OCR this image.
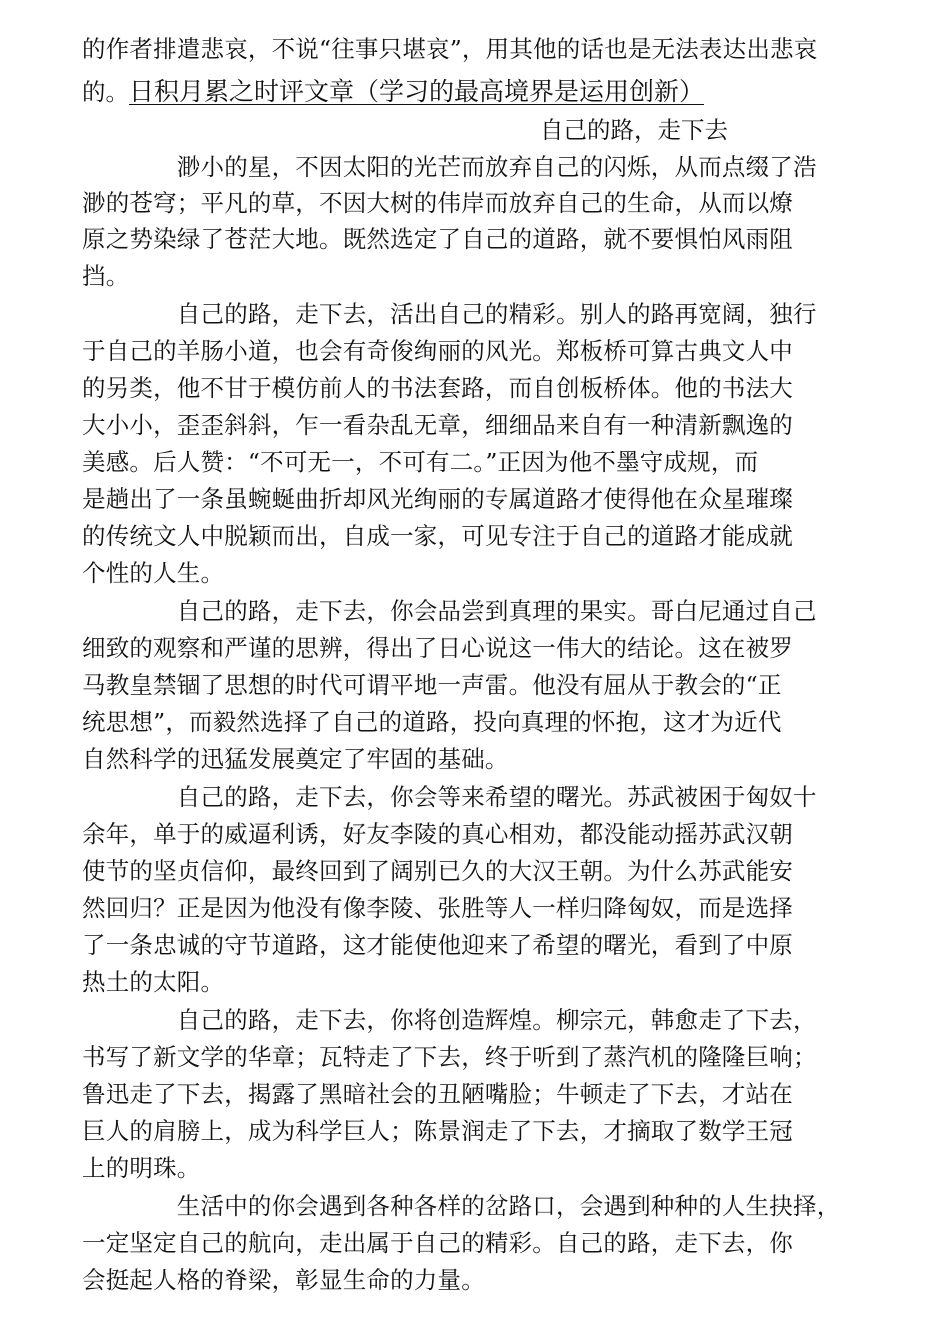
的作者排遣悲哀，不说“往事只堪哀”，用其他的话也是无法表达出悲哀
的。日积月累之时评文章（学习的最高境界是运用创新）
自己的路，走下去
　　　　渺小的星，不因太阳的光芒而放弃自己的闪烁，从而点缀了浩
渺的苍穹；平凡的草，不因大树的伟岸而放弃自己的生命，从而以燎
原之势染绿了苍茫大地。既然选定了自己的道路，就不要惧怕风雨阻
挡。
　　　　自己的路，走下去，活出自己的精彩。别人的路再宽阔，独行
于自己的羊肠小道，也会有奇俊绚丽的风光。郑板桥可算古典文人中
的另类，他不甘于模仿前人的书法套路，而自创板桥体。他的书法大
大小小，歪歪斜斜，乍一看杂乱无章，细细品来自有一种清新飘逸的
美感。后人赞：“不可无一，不可有二。”正因为他不墨守成规，而
是趟出了一条虽蜿蜒曲折却风光绚丽的专属道路才使得他在众星璀璨
的传统文人中脱颖而出，自成一家，可见专注于自己的道路才能成就
个性的人生。
　　　　自己的路，走下去，你会品尝到真理的果实。哥白尼通过自己
细致的观察和严谨的思辨，得出了日心说这一伟大的结论。这在被罗
马教皇禁锢了思想的时代可谓平地一声雷。他没有屈从于教会的“正
统思想”，而毅然选择了自己的道路，投向真理的怀抱，这才为近代
自然科学的迅猛发展奠定了牢固的基础。
　　　　自己的路，走下去，你会等来希望的曙光。苏武被困于匈奴十
余年，单于的威逼利诱，好友李陵的真心相劝，都没能动摇苏武汉朝
使节的坚贞信仰，最终回到了阔别已久的大汉王朝。为什么苏武能安
然回归？正是因为他没有像李陵、张胜等人一样归降匈奴，而是选择
了一条忠诚的守节道路，这才能使他迎来了希望的曙光，看到了中原
热土的太阳。
　　　　自己的路，走下去，你将创造辉煌。柳宗元，韩愈走了下去，
书写了新文学的华章；瓦特走了下去，终于听到了蒸汽机的隆隆巨响；
鲁迅走了下去，揭露了黑暗社会的丑陋嘴脸；牛顿走了下去，才站在
巨人的肩膀上，成为科学巨人；陈景润走了下去，才摘取了数学王冠
上的明珠。
　　　　生活中的你会遇到各种各样的岔路口，会遇到种种的人生抉择，
一定坚定自己的航向，走出属于自己的精彩。自己的路，走下去，你
会挺起人格的脊梁，彰显生命的力量。
